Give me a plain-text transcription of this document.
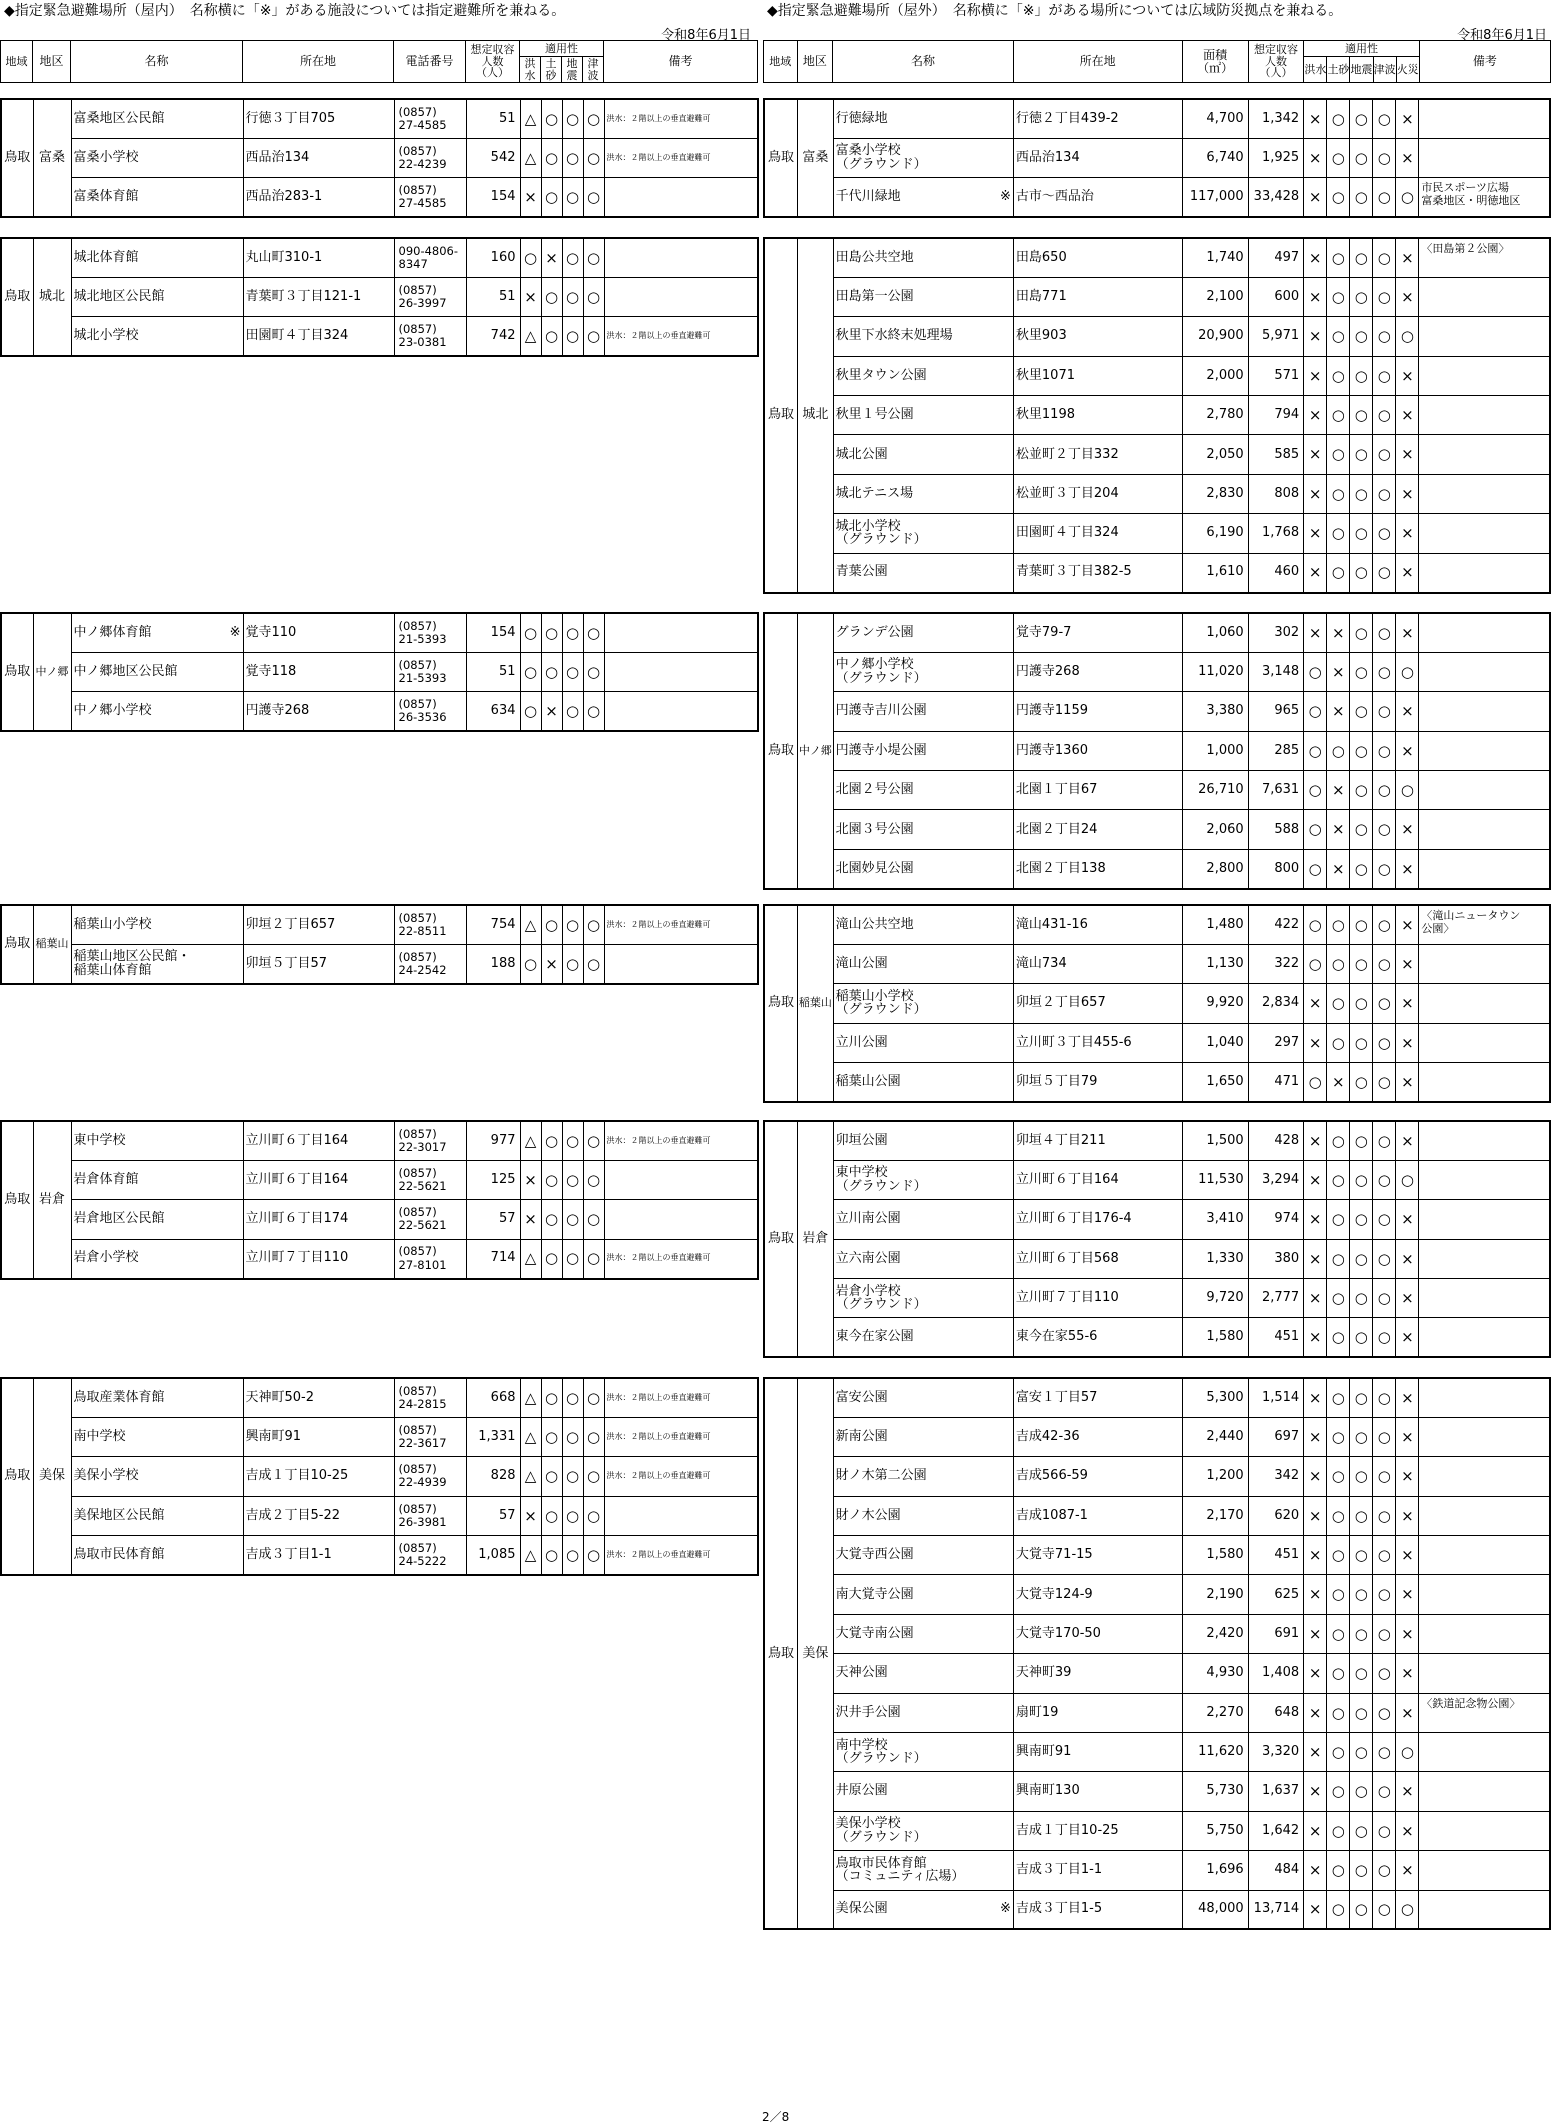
◆指定緊急避難場所（屋内）　名称横に「※」がある施設については指定避難所を兼ねる。
令和8年6月1日
地域	地区	名称	所在地	電話番号	想定収容
人数
（人）	適用性				備考
						洪水	土砂	地震	津波	
鳥取	富桑	富桑地区公民館	行徳３丁目705	(0857)
27-4585	51	△	○	○	○	洪水：２階以上の垂直避難可

		富桑小学校	西品治134	(0857)
22-4239	542	△	○	○	○	洪水：２階以上の垂直避難可

		富桑体育館	西品治283-1	(0857)
27-4585	154	×	○	○	○	
鳥取	城北	城北体育館	丸山町310-1	090-4806-
8347	160	○	×	○	○	

		城北地区公民館	青葉町３丁目121-1	(0857)
26-3997	51	×	○	○	○	

		城北小学校	田園町４丁目324	(0857)
23-0381	742	△	○	○	○	洪水：２階以上の垂直避難可
鳥取	中ノ郷	中ノ郷体育館 ※	覚寺110	(0857)
21-5393	154	○	○	○	○	

		中ノ郷地区公民館	覚寺118	(0857)
21-5393	51	○	○	○	○	

		中ノ郷小学校	円護寺268	(0857)
26-3536	634	○	×	○	○	
鳥取	稲葉山	稲葉山小学校	卯垣２丁目657	(0857)
22-8511	754	△	○	○	○	洪水：２階以上の垂直避難可

		稲葉山地区公民館・
稲葉山体育館	卯垣５丁目57	(0857)
24-2542	188	○	×	○	○	
鳥取	岩倉	東中学校	立川町６丁目164	(0857)
22-3017	977	△	○	○	○	洪水：２階以上の垂直避難可

		岩倉体育館	立川町６丁目164	(0857)
22-5621	125	×	○	○	○	

		岩倉地区公民館	立川町６丁目174	(0857)
22-5621	57	×	○	○	○	

		岩倉小学校	立川町７丁目110	(0857)
27-8101	714	△	○	○	○	洪水：２階以上の垂直避難可
鳥取	美保	鳥取産業体育館	天神町50-2	(0857)
24-2815	668	△	○	○	○	洪水：２階以上の垂直避難可

		南中学校	興南町91	(0857)
22-3617	1,331	△	○	○	○	洪水：２階以上の垂直避難可

		美保小学校	吉成１丁目10-25	(0857)
22-4939	828	△	○	○	○	洪水：２階以上の垂直避難可

		美保地区公民館	吉成２丁目5-22	(0857)
26-3981	57	×	○	○	○	

		鳥取市民体育館	吉成３丁目1-1	(0857)
24-5222	1,085	△	○	○	○	洪水：２階以上の垂直避難可
◆指定緊急避難場所（屋外）　名称横に「※」がある場所については広域防災拠点を兼ねる。
令和8年6月1日
地域	地区	名称	所在地	面積
（㎡）	想定収容
人数
（人）	適用性					備考
						洪水	土砂	地震	津波	火災	
鳥取	富桑	行徳緑地	行徳２丁目439-2	4,700	1,342	×	○	○	○	×	

		富桑小学校
（グラウンド）	西品治134	6,740	1,925	×	○	○	○	×	

		千代川緑地 ※	古市～西品治	117,000	33,428	×	○	○	○	○	市民スポーツ広場
富桑地区・明徳地区
鳥取	城北	田島公共空地	田島650	1,740	497	×	○	○	○	×	〈田島第２公園〉

		田島第一公園	田島771	2,100	600	×	○	○	○	×	

		秋里下水終末処理場	秋里903	20,900	5,971	×	○	○	○	○	

		秋里タウン公園	秋里1071	2,000	571	×	○	○	○	×	

		秋里１号公園	秋里1198	2,780	794	×	○	○	○	×	

		城北公園	松並町２丁目332	2,050	585	×	○	○	○	×	

		城北テニス場	松並町３丁目204	2,830	808	×	○	○	○	×	

		城北小学校
（グラウンド）	田園町４丁目324	6,190	1,768	×	○	○	○	×	

		青葉公園	青葉町３丁目382-5	1,610	460	×	○	○	○	×	
鳥取	中ノ郷	グランデ公園	覚寺79-7	1,060	302	×	×	○	○	×	

		中ノ郷小学校
（グラウンド）	円護寺268	11,020	3,148	○	×	○	○	○	

		円護寺吉川公園	円護寺1159	3,380	965	○	×	○	○	×	

		円護寺小堤公園	円護寺1360	1,000	285	○	○	○	○	×	

		北園２号公園	北園１丁目67	26,710	7,631	○	×	○	○	○	

		北園３号公園	北園２丁目24	2,060	588	○	×	○	○	×	

		北園妙見公園	北園２丁目138	2,800	800	○	×	○	○	×	
鳥取	稲葉山	滝山公共空地	滝山431-16	1,480	422	○	○	○	○	×	〈滝山ニュータウン
公園〉

		滝山公園	滝山734	1,130	322	○	○	○	○	×	

		稲葉山小学校
（グラウンド）	卯垣２丁目657	9,920	2,834	×	○	○	○	×	

		立川公園	立川町３丁目455-6	1,040	297	×	○	○	○	×	

		稲葉山公園	卯垣５丁目79	1,650	471	○	×	○	○	×	
鳥取	岩倉	卯垣公園	卯垣４丁目211	1,500	428	×	○	○	○	×	

		東中学校
（グラウンド）	立川町６丁目164	11,530	3,294	×	○	○	○	○	

		立川南公園	立川町６丁目176-4	3,410	974	×	○	○	○	×	

		立六南公園	立川町６丁目568	1,330	380	×	○	○	○	×	

		岩倉小学校
（グラウンド）	立川町７丁目110	9,720	2,777	×	○	○	○	×	

		東今在家公園	東今在家55-6	1,580	451	×	○	○	○	×	
鳥取	美保	富安公園	富安１丁目57	5,300	1,514	×	○	○	○	×	

		新南公園	吉成42-36	2,440	697	×	○	○	○	×	

		財ノ木第二公園	吉成566-59	1,200	342	×	○	○	○	×	

		財ノ木公園	吉成1087-1	2,170	620	×	○	○	○	×	

		大覚寺西公園	大覚寺71-15	1,580	451	×	○	○	○	×	

		南大覚寺公園	大覚寺124-9	2,190	625	×	○	○	○	×	

		大覚寺南公園	大覚寺170-50	2,420	691	×	○	○	○	×	

		天神公園	天神町39	4,930	1,408	×	○	○	○	×	

		沢井手公園	扇町19	2,270	648	×	○	○	○	×	〈鉄道記念物公園〉

		南中学校
（グラウンド）	興南町91	11,620	3,320	×	○	○	○	○	

		井原公園	興南町130	5,730	1,637	×	○	○	○	×	

		美保小学校
（グラウンド）	吉成１丁目10-25	5,750	1,642	×	○	○	○	×	

		鳥取市民体育館
（コミュニティ広場）	吉成３丁目1-1	1,696	484	×	○	○	○	×	

		美保公園 ※	吉成３丁目1-5	48,000	13,714	×	○	○	○	○	
2／8
